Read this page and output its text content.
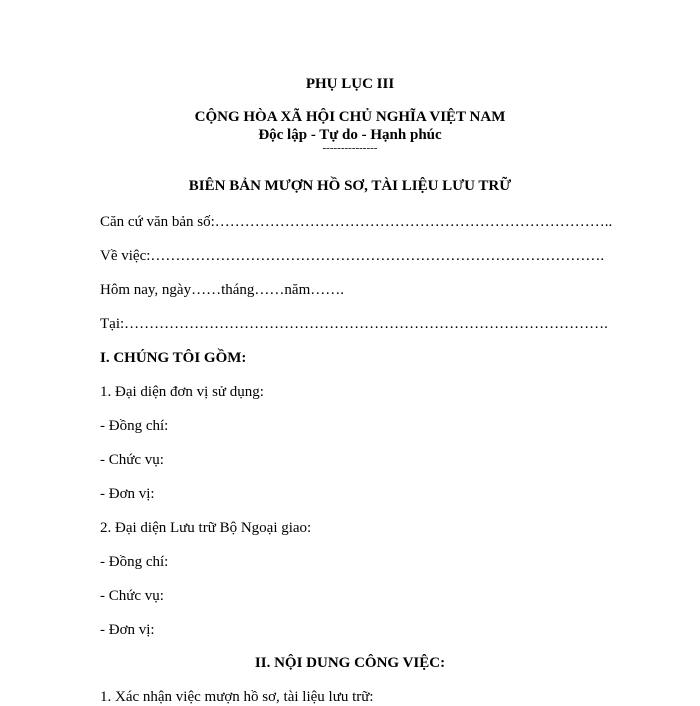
PHỤ LỤC III
CỘNG HÒA XÃ HỘI CHỦ NGHĨA VIỆT NAM
Độc lập - Tự do - Hạnh phúc
---------------
BIÊN BẢN MƯỢN HỒ SƠ, TÀI LIỆU LƯU TRỮ
Căn cứ văn bản số:……………………………………………………………………..
Về việc:……………………………………………………………………………….
Hôm nay, ngày……tháng……năm…….
Tại:…………………………………………………………………………………….
I. CHÚNG TÔI GỒM:
1. Đại diện đơn vị sử dụng:
- Đồng chí:
- Chức vụ:
- Đơn vị:
2. Đại diện Lưu trữ Bộ Ngoại giao:
- Đồng chí:
- Chức vụ:
- Đơn vị:
II. NỘI DUNG CÔNG VIỆC:
1. Xác nhận việc mượn hồ sơ, tài liệu lưu trữ:
